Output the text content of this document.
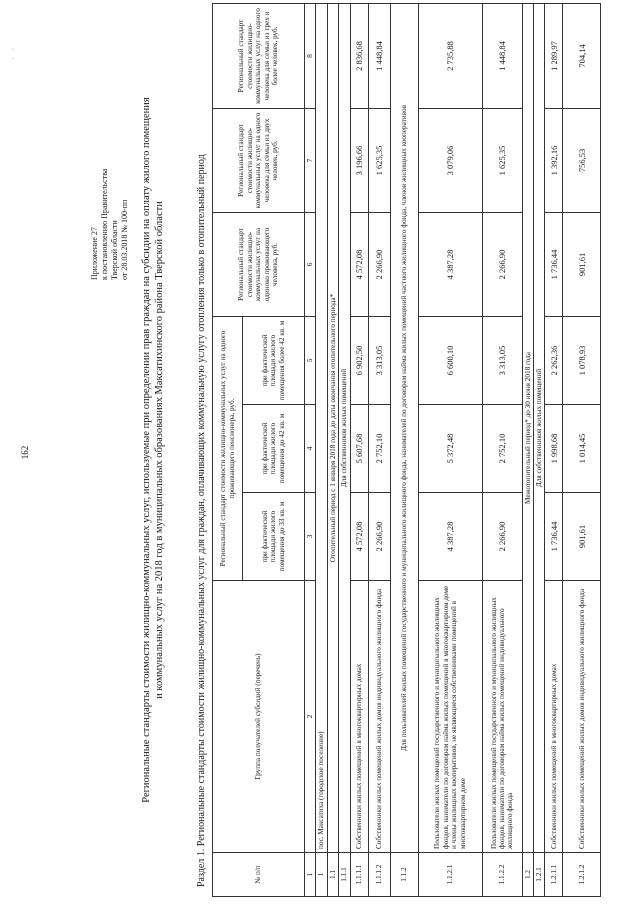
· ·
162
Приложение 27 к постановлению Правительства Тверской области от 28.03.2018 № 100-пп Региональные стандарты стоимости жилищно-коммунальных услуг, используемые при определении прав граждан на субсидии на оплату жилого помещения и коммунальных услуг на 2018 год в муниципальных образованиях Максатихинского района Тверской области	Раздел 1. Региональные стандарты стоимости жилищно-коммунальных услуг для граждан, оплачивающих коммунальную услугу отопления только в отопительный период	№ п/п	Группа получателей субсидий (перечень)	Региональный стандарт стоимости жилищно-коммунальных услуг на одного проживающего пенсионера, руб.			Региональный стандарт стоимости жилищно-коммунальных услуг на одиноко проживающего человека, руб.	Региональный стандарт стоимости жилищно-коммунальных услуг на одного человека для семьи из двух человек, руб.	Региональный стандарт стоимости жилищно-коммунальных услуг на одного человека для семьи из трех и более человек, руб.
		при фактической площади жилого помещения до 33 кв. м	при фактической площади жилого помещения до 42 кв. м	при фактической площади жилого помещения более 42 кв. м			
1	2	3	4	5	6	7	8
1	пос. Максатиха (городское поселение)						
1.1	Отопительный период с 1 января 2018 года до даты окончания отопительного периода*						
1.1.1	Для собственников жилых помещений						
1.1.1.1	Собственники жилых помещений в многоквартирных домах	4 572,08	5 607,68	6 902,50	4 572,08	3 196,66	2 836,68
1.1.1.2	Собственники жилых помещений жилых домов индивидуального жилищного фонда	2 266,90	2 752,10	3 313,05	2 266,90	1 625,35	1 448,84
1.1.2	Для пользователей жилых помещений государственного и муниципального жилищного фонда, нанимателей по договорам найма жилых помещений частного жилищного фонда, членов жилищных кооперативов						
1.1.2.1	Пользователи жилых помещений государственного и муниципального жилищных фондов, наниматели по договорам найма жилых помещений в многоквартирном доме и члены жилищных кооперативов, не являющиеся собственниками помещений в многоквартирном доме	4 387,28	5 372,48	6 600,10	4 387,28	3 079,06	2 735,88
1.1.2.2	Пользователи жилых помещений государственного и муниципального жилищных фондов, наниматели по договорам найма жилых помещений индивидуального жилищного фонда	2 266,90	2 752,10	3 313,05	2 266,90	1 625,35	1 448,84
1.2	Межотопительный период* до 30 июня 2018 года						
1.2.1	Для собственников жилых помещений						
1.2.1.1	Собственники жилых помещений в многоквартирных домах	1 736,44	1 998,68	2 262,36	1 736,44	1 392,16	1 289,97
1.2.1.2	Собственники жилых помещений жилых домов индивидуального жилищного фонда	901,61	1 014,45	1 078,93	901,61	756,53	704,14
